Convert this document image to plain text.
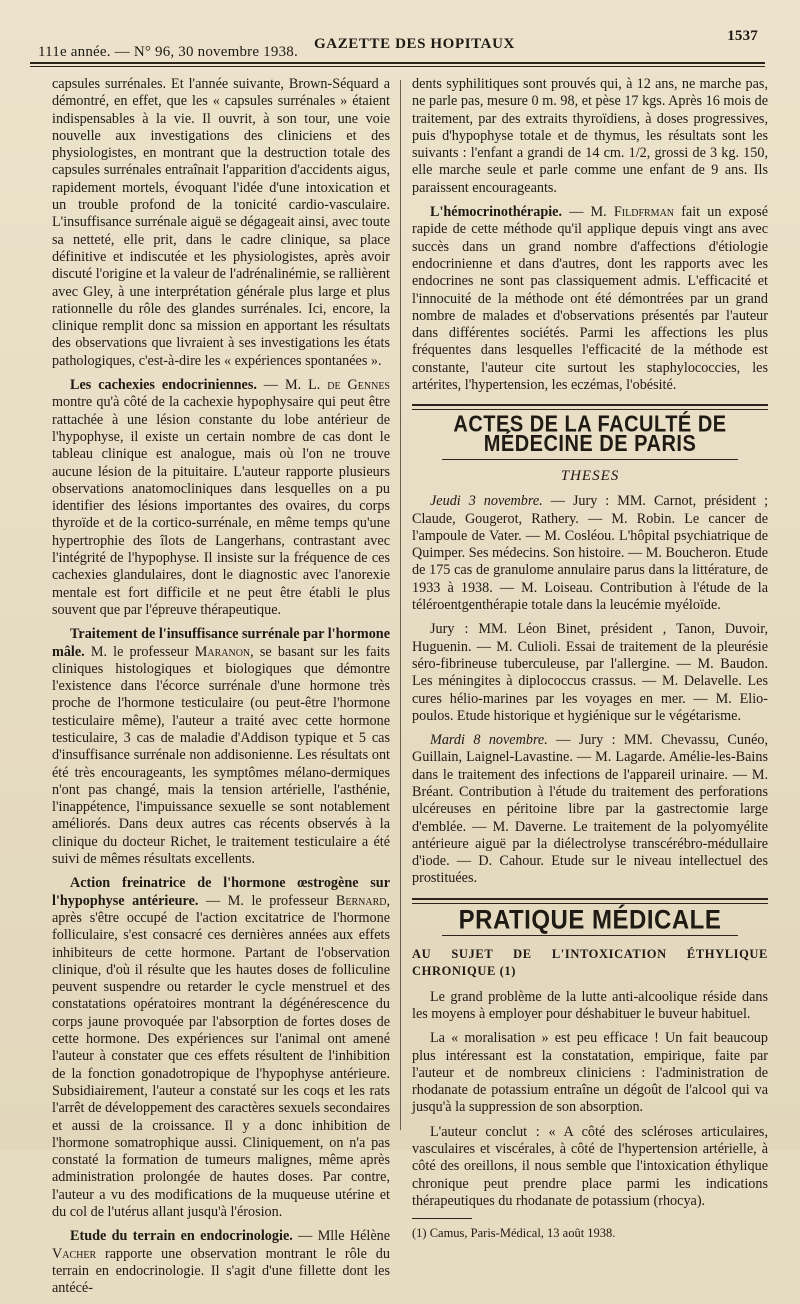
111e année. — N° 96, 30 novembre 1938. GAZETTE DES HOPITAUX	1537

capsules surrénales. Et l'année suivante, Brown-Séquard a démontré, en effet, que les « capsules surrénales » étaient indispensables à la vie. Il ouvrit, à son tour, une voie nouvelle aux investigations des cliniciens et des physiologistes, en montrant que la destruction totale des capsules surrénales entraînait l'apparition d'accidents aigus, rapidement mortels, évoquant l'idée d'une intoxication et un trouble profond de la tonicité cardio-vasculaire. L'insuffisance surrénale aiguë se dégageait ainsi, avec toute sa netteté, elle prit, dans le cadre clinique, sa place définitive et indiscutée et les physiologistes, après avoir discuté l'origine et la valeur de l'adrénalinémie, se rallièrent avec Gley, à une interprétation générale plus large et plus rationnelle du rôle des glandes surrénales. Ici, encore, la clinique remplit donc sa mission en apportant les résultats des observations que livraient à ses investigations les états pathologiques, c'est-à-dire les « expériences spontanées ».

Les cachexies endocriniennes. — M. L. de Gennes montre qu'à côté de la cachexie hypophysaire qui peut être rattachée à une lésion constante du lobe antérieur de l'hypophyse, il existe un certain nombre de cas dont le tableau clinique est analogue, mais où l'on ne trouve aucune lésion de la pituitaire. L'auteur rapporte plusieurs observations anatomocliniques dans lesquelles on a pu identifier des lésions importantes des ovaires, du corps thyroïde et de la cortico-surrénale, en même temps qu'une hypertrophie des îlots de Langerhans, contrastant avec l'intégrité de l'hypophyse. Il insiste sur la fréquence de ces cachexies glandulaires, dont le diagnostic avec l'anorexie mentale est fort difficile et ne peut être établi le plus souvent que par l'épreuve thérapeutique.

Traitement de l'insuffisance surrénale par l'hormone mâle. M. le professeur Maranon, se basant sur les faits cliniques histologiques et biologiques que démontre l'existence dans l'écorce surrénale d'une hormone très proche de l'hormone testiculaire (ou peut-être l'hormone testiculaire même), l'auteur a traité avec cette hormone testiculaire, 3 cas de maladie d'Addison typique et 5 cas d'insuffisance surrénale non addisonienne. Les résultats ont été très encourageants, les symptômes mélano-dermiques n'ont pas changé, mais la tension artérielle, l'asthénie, l'inappétence, l'impuissance sexuelle se sont notablement améliorés. Dans deux autres cas récents observés à la clinique du docteur Richet, le traitement testiculaire a été suivi de mêmes résultats excellents.

Action freinatrice de l'hormone œstrogène sur l'hypophyse antérieure. — M. le professeur Bernard, après s'être occupé de l'action excitatrice de l'hormone folliculaire, s'est consacré ces dernières années aux effets inhibiteurs de cette hormone. Partant de l'observation clinique, d'où il résulte que les hautes doses de folliculine peuvent suspendre ou retarder le cycle menstruel et des constatations opératoires montrant la dégénérescence du corps jaune provoquée par l'absorption de fortes doses de cette hormone. Des expériences sur l'animal ont amené l'auteur à constater que ces effets résultent de l'inhibition de la fonction gonadotropique de l'hypophyse antérieure. Subsidiairement, l'auteur a constaté sur les coqs et les rats l'arrêt de développement des caractères sexuels secondaires et aussi de la croissance. Il y a donc inhibition de l'hormone somatrophique aussi. Cliniquement, on n'a pas constaté la formation de tumeurs malignes, même après administration prolongée de hautes doses. Par contre, l'auteur a vu des modifications de la muqueuse utérine et du col de l'utérus allant jusqu'à l'érosion.

Etude du terrain en endocrinologie. — Mlle Hélène Vacher rapporte une observation montrant le rôle du terrain en endocrinologie. Il s'agit d'une fillette dont les antécé-

dents syphilitiques sont prouvés qui, à 12 ans, ne marche pas, ne parle pas, mesure 0 m. 98, et pèse 17 kgs. Après 16 mois de traitement, par des extraits thyroïdiens, à doses progressives, puis d'hypophyse totale et de thymus, les résultats sont les suivants : l'enfant a grandi de 14 cm. 1/2, grossi de 3 kg. 150, elle marche seule et parle comme une enfant de 9 ans. Ils paraissent encourageants.

L'hémocrinothérapie. — M. Fildfrman fait un exposé rapide de cette méthode qu'il applique depuis vingt ans avec succès dans un grand nombre d'affections d'étiologie endocrinienne et dans d'autres, dont les rapports avec les endocrines ne sont pas classiquement admis. L'efficacité et l'innocuité de la méthode ont été démontrées par un grand nombre de malades et d'observations présentés par l'auteur dans différentes sociétés. Parmi les affections les plus fréquentes dans lesquelles l'efficacité de la méthode est constante, l'auteur cite surtout les staphylococcies, les artérites, l'hypertension, les eczémas, l'obésité.

ACTES DE LA FACULTÉ DE MÉDECINE DE PARIS
THESES

Jeudi 3 novembre. — Jury : MM. Carnot, président ; Claude, Gougerot, Rathery. — M. Robin. Le cancer de l'ampoule de Vater. — M. Cosléou. L'hôpital psychiatrique de Quimper. Ses médecins. Son histoire. — M. Boucheron. Etude de 175 cas de granulome annulaire parus dans la littérature, de 1933 à 1938. — M. Loiseau. Contribution à l'étude de la téléroentgenthérapie totale dans la leucémie myéloïde.

Jury : MM. Léon Binet, président , Tanon, Duvoir, Huguenin. — M. Culioli. Essai de traitement de la pleurésie séro-fibrineuse tuberculeuse, par l'allergine. — M. Baudon. Les méningites à diplococcus crassus. — M. Delavelle. Les cures hélio-marines par les voyages en mer. — M. Elio-poulos. Etude historique et hygiénique sur le végétarisme.

Mardi 8 novembre. — Jury : MM. Chevassu, Cunéo, Guillain, Laignel-Lavastine. — M. Lagarde. Amélie-les-Bains dans le traitement des infections de l'appareil urinaire. — M. Bréant. Contribution à l'étude du traitement des perforations ulcéreuses en péritoine libre par la gastrectomie large d'emblée. — M. Daverne. Le traitement de la polyomyélite antérieure aiguë par la diélectrolyse transcérébro-médullaire d'iode. — D. Cahour. Etude sur le niveau intellectuel des prostituées.

PRATIQUE MÉDICALE
AU SUJET DE L'INTOXICATION ÉTHYLIQUE CHRONIQUE (1)

Le grand problème de la lutte anti-alcoolique réside dans les moyens à employer pour déshabituer le buveur habituel.

La « moralisation » est peu efficace ! Un fait beaucoup plus intéressant est la constatation, empirique, faite par l'auteur et de nombreux cliniciens : l'administration de rhodanate de potassium entraîne un dégoût de l'alcool qui va jusqu'à la suppression de son absorption.

L'auteur conclut : « A côté des scléroses articulaires, vasculaires et viscérales, à côté de l'hypertension artérielle, à côté des oreillons, il nous semble que l'intoxication éthylique chronique peut prendre place parmi les indications thérapeutiques du rhodanate de potassium (rhocya).

(1) Camus, Paris-Médical, 13 août 1938.
